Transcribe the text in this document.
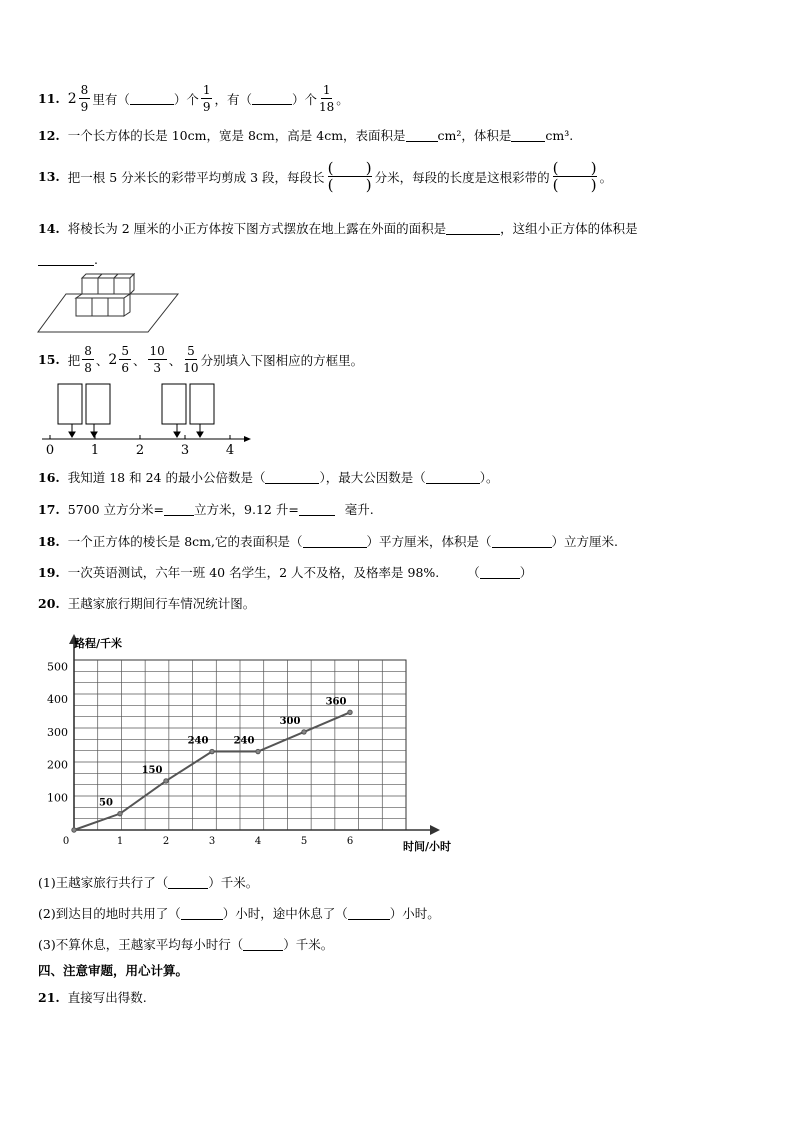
11. $2 \frac{8}{9}$ 里有（	）个 $\frac{1}{9}$ ，有（	）个 $\frac{1}{18}$ 。
12. 一个长方体的长是 10cm，宽是 8cm，高是 4cm，表面积是	cm²，体积是	cm³.
13. 把一根 5 分米长的彩带平均剪成 3 段，每段长 ( )
( ) 分米，每段的长度是这根彩带的 ( )
( ) 。
14. 将棱长为 2 厘米的小正方体按下图方式摆放在地上露在外面的面积是	，这组小正方体的体积是
.
15. 把 $\frac{8}{8}$ 、 $2 \frac{5}{6}$ 、 $\frac{10}{3}$ 、 $\frac{5}{10}$ 分别填入下图相应的方框里。
0	1	2	3	4
16. 我知道 18 和 24 的最小公倍数是（	），最大公因数是（	）。
17. 5700 立方分米= 立方米，9.12 升=	毫升.
18. 一个正方体的棱长是 8cm,它的表面积是（	）平方厘米，体积是（	）立方厘米.
19. 一次英语测试，六年一班 40 名学生，2 人不及格，及格率是 98%. （	）
20. 王越家旅行期间行车情况统计图。
0	1	2	3	4	5	6
100
200
300
400
500
50
150
240	240
300
360
路程/千米
时间/小时
(1)王越家旅行共行了（	）千米。
(2)到达目的地时共用了（	）小时，途中休息了（	）小时。
(3)不算休息，王越家平均每小时行（	）千米。
四、注意审题，用心计算。
21. 直接写出得数.
